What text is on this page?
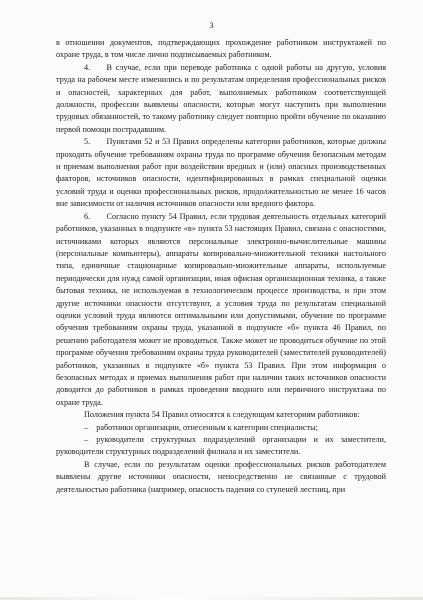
3

в отношении документов, подтверждающих прохождение работником инструктажей по охране труда, в том числе лично подписываемых работником.

4.  В случае, если при переводе работника с одной работы на другую, условия труда на рабочем месте изменились и по результатам определения профессиональных рисков и опасностей, характерных для работ, выполняемых работником соответствующей должности, профессии выявлены опасности, которые могут наступить при выполнении трудовых обязанностей, то такому работнику следует повторно пройти обучение по оказанию первой помощи пострадавшим.

5.  Пунктами 52 и 53 Правил определены категории работников, которые должны проходить обучение требованиям охраны труда по программе обучения безопасным методам и приемам выполнения работ при воздействии вредных и (или) опасных производственных факторов, источников опасности, идентифицированных в рамках специальной оценки условий труда и оценки профессиональных рисков, продолжительностью не менее 16 часов вне зависимости от наличия источников опасности или вредного фактора.

6.  Согласно пункту 54 Правил, если трудовая деятельность отдельных категорий работников, указанных в подпункте «в» пункта 53 настоящих Правил, связана с опасностями, источниками которых являются персональные электронно-вычислительные машины (персональные компьютеры), аппараты копировально-множительной техники настольного типа, единичные стационарные копировально-множительные аппараты, используемые периодически для нужд самой организации, иная офисная организационная техника, а также бытовая техника, не используемая в технологическом процессе производства, и при этом другие источники опасности отсутствуют, а условия труда по результатам специальной оценки условий труда являются оптимальными или допустимыми, обучение по программе обучения требованиям охраны труда, указанной в подпункте «б» пункта 46 Правил, по решению работодателя может не проводиться. Также может не проводиться обучение по этой программе обучения требованиям охраны труда руководителей (заместителей руководителей) работников, указанных в подпункте «б» пункта 53 Правил. При этом информация о безопасных методах и приемах выполнения работ при наличии таких источников опасности доводится до работников в рамках проведения вводного или первичного инструктажа по охране труда.

Положения пункта 54 Правил относятся к следующим категориям работников:

– работники организации, отнесенным к категории специалисты;

– руководители структурных подразделений организации и их заместители, руководители структурных подразделений филиала и их заместители.

В случае, если по результатам оценки профессиональных рисков работодателем выявлены другие источники опасности, непосредственно не связанные с трудовой деятельностью работника (например, опасность падения со ступеней лестниц, при
